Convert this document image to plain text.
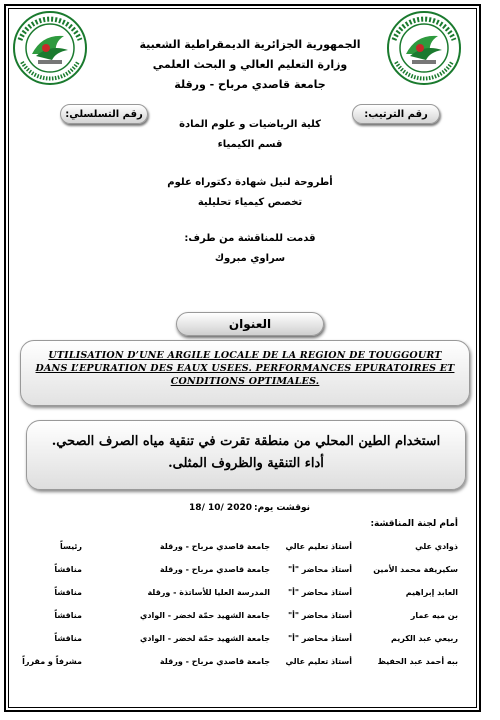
الجمهورية الجزائرية الديمقراطية الشعبية
وزارة التعليم العالي و البحث العلمي
جامعة قاصدي مرباح - ورقلة
رقم التسلسلي:	رقم الترتيب:
كلية الرياضيات و علوم المادة
قسم الكيمياء
أطروحة لنيل شهادة دكتوراه علوم
تخصص كيمياء تحليلية
قدمت للمناقشة من طرف:
سراوي مبروك
العنوان

UTILISATION D’UNE ARGILE LOCALE DE LA REGION DE TOUGGOURT DANS L’EPURATION DES EAUX USEES. PERFORMANCES EPURATOIRES ET CONDITIONS OPTIMALES.

استخدام الطين المحلي من منطقة تقرت في تنقية مياه الصرف الصحي.

أداء التنقية والظروف المثلى.

نوقشت يوم:
18/ 10/ 2020
أمام لجنة المناقشة:
ذوادي علي
أستاذ تعليم عالي
جامعة قاصدي مرباح - ورقلة
رئيساً
سكيريفة محمد الأمين
أستاذ محاضر "أ"
جامعة قاصدي مرباح - ورقلة
مناقشاً
العابد إبراهيم
أستاذ محاضر "أ"
المدرسة العليا للأساتذة - ورقلة
مناقشاً
بن ميه عمار
أستاذ محاضر "أ"
جامعة الشهيد حمّة لخضر - الوادي
مناقشاً
ربيعي عبد الكريم
أستاذ محاضر "أ"
جامعة الشهيد حمّة لخضر - الوادي
مناقشاً
ببه أحمد عبد الحفيظ
أستاذ تعليم عالي
جامعة قاصدي مرباح - ورقلة
مشرفاً و مقرراً
